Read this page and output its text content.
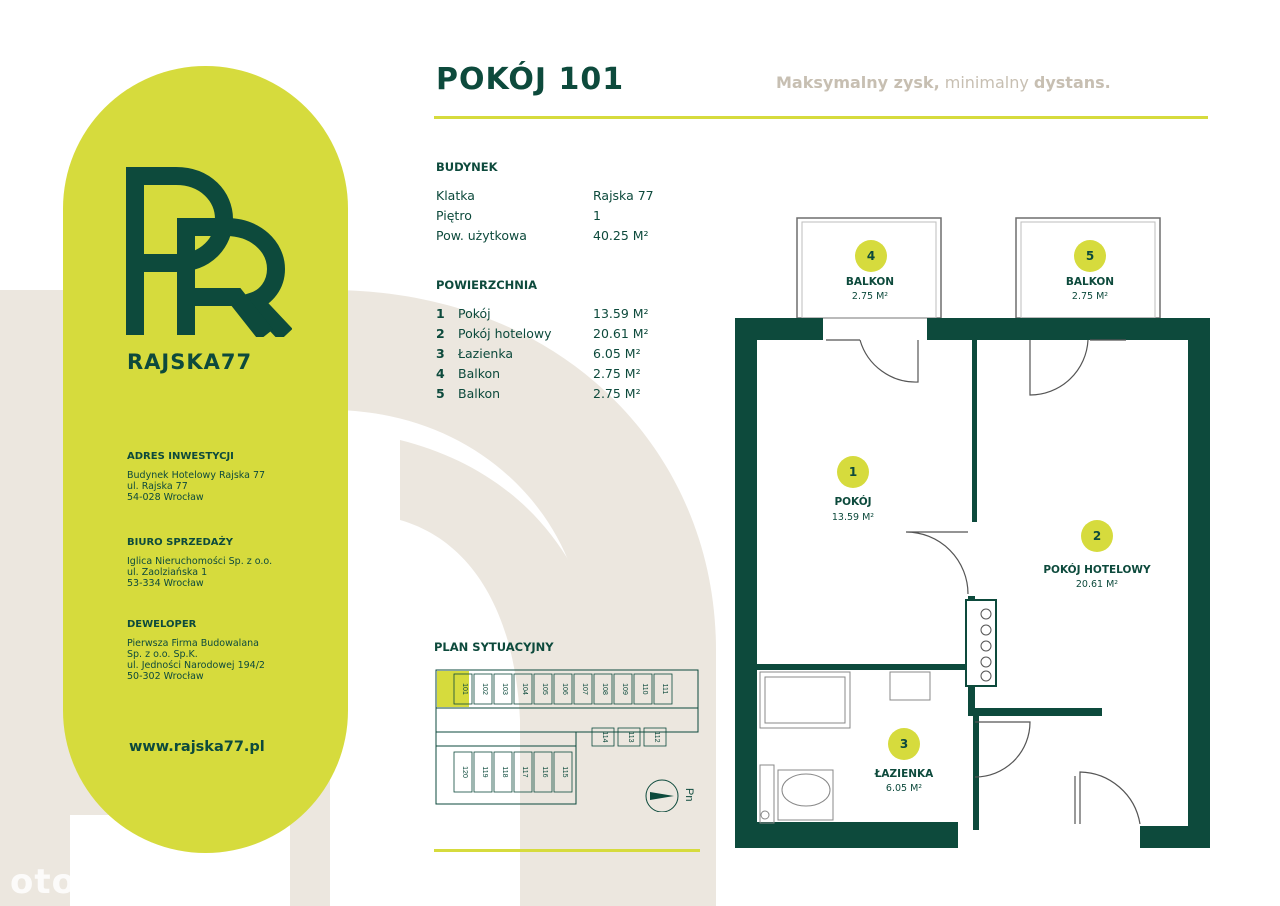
RAJSKA77
ADRES INWESTYCJI
Budynek Hotelowy Rajska 77
ul. Rajska 77
54-028 Wrocław
BIURO SPRZEDAŻY
Iglica Nieruchomości Sp. z o.o.
ul. Zaolziańska 1
53-334 Wrocław
DEWELOPER
Pierwsza Firma Budowalana
Sp. z o.o. Sp.K.
ul. Jedności Narodowej 194/2
50-302 Wrocław
www.rajska77.pl
POKÓJ 101	Maksymalny zysk, minimalny dystans.
BUDYNEK
Klatka	Rajska 77
Piętro	1
Pow. użytkowa	40.25 M²
POWIERZCHNIA
1 Pokój	13.59 M²
2 Pokój hotelowy	20.61 M²
3 Łazienka	6.05 M²
4 Balkon	2.75 M²
5 Balkon	2.75 M²
4
BALKON
2.75 M²
5
BALKON
2.75 M²
1
POKÓJ
13.59 M²
2
POKÓJ HOTELOWY
20.61 M²
3
ŁAZIENKA
6.05 M²
PLAN SYTUACYJNY
101 102 103 104 105 106 107 108 109 110 111
114	113	112
120 119 118 117 116 115
Pn
otodom
